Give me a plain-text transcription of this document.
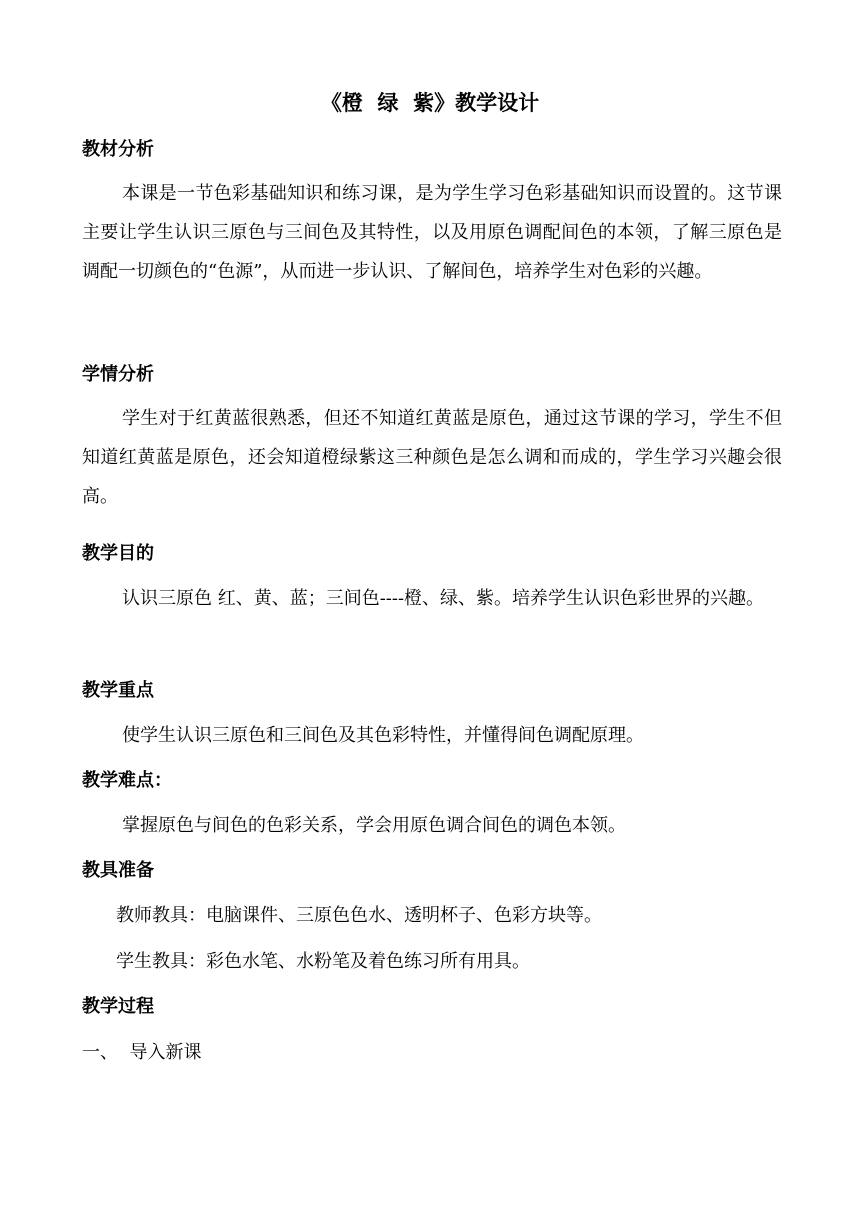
《橙  绿  紫》教学设计
教材分析
本课是一节色彩基础知识和练习课，是为学生学习色彩基础知识而设置的。这节课主要让学生认识三原色与三间色及其特性，以及用原色调配间色的本领，了解三原色是调配一切颜色的“色源”，从而进一步认识、了解间色，培养学生对色彩的兴趣。
学情分析
学生对于红黄蓝很熟悉，但还不知道红黄蓝是原色，通过这节课的学习，学生不但知道红黄蓝是原色，还会知道橙绿紫这三种颜色是怎么调和而成的，学生学习兴趣会很高。
教学目的
认识三原色 红、黄、蓝；三间色----橙、绿、紫。培养学生认识色彩世界的兴趣。
教学重点
使学生认识三原色和三间色及其色彩特性，并懂得间色调配原理。
教学难点：
掌握原色与间色的色彩关系，学会用原色调合间色的调色本领。
教具准备
教师教具：电脑课件、三原色色水、透明杯子、色彩方块等。
学生教具：彩色水笔、水粉笔及着色练习所有用具。
教学过程
一、  导入新课
